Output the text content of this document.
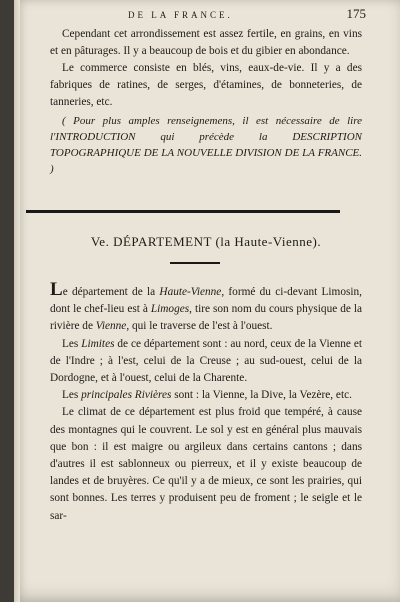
DE LA FRANCE.	175

Cependant cet arrondissement est assez fertile, en grains, en vins et en pâturages. Il y a beaucoup de bois et du gibier en abondance.

Le commerce consiste en blés, vins, eaux-de-vie. Il y a des fabriques de ratines, de serges, d'étamines, de bonneteries, de tanneries, etc.

( Pour plus amples renseignemens, il est nécessaire de lire l'INTRODUCTION qui précède la DESCRIPTION TOPOGRAPHIQUE DE LA NOUVELLE DIVISION DE LA FRANCE. )

Ve. DÉPARTEMENT (la Haute-Vienne).

Le département de la Haute-Vienne, formé du ci-devant Limosin, dont le chef-lieu est à Limoges, tire son nom du cours physique de la rivière de Vienne, qui le traverse de l'est à l'ouest.

Les Limites de ce département sont : au nord, ceux de la Vienne et de l'Indre ; à l'est, celui de la Creuse ; au sud-ouest, celui de la Dordogne, et à l'ouest, celui de la Charente.

Les principales Rivières sont : la Vienne, la Dive, la Vezère, etc.

Le climat de ce département est plus froid que tempéré, à cause des montagnes qui le couvrent. Le sol y est en général plus mauvais que bon : il est maigre ou argileux dans certains cantons ; dans d'autres il est sablonneux ou pierreux, et il y existe beaucoup de landes et de bruyères. Ce qu'il y a de mieux, ce sont les prairies, qui sont bonnes. Les terres y produisent peu de froment ; le seigle et le sar-
